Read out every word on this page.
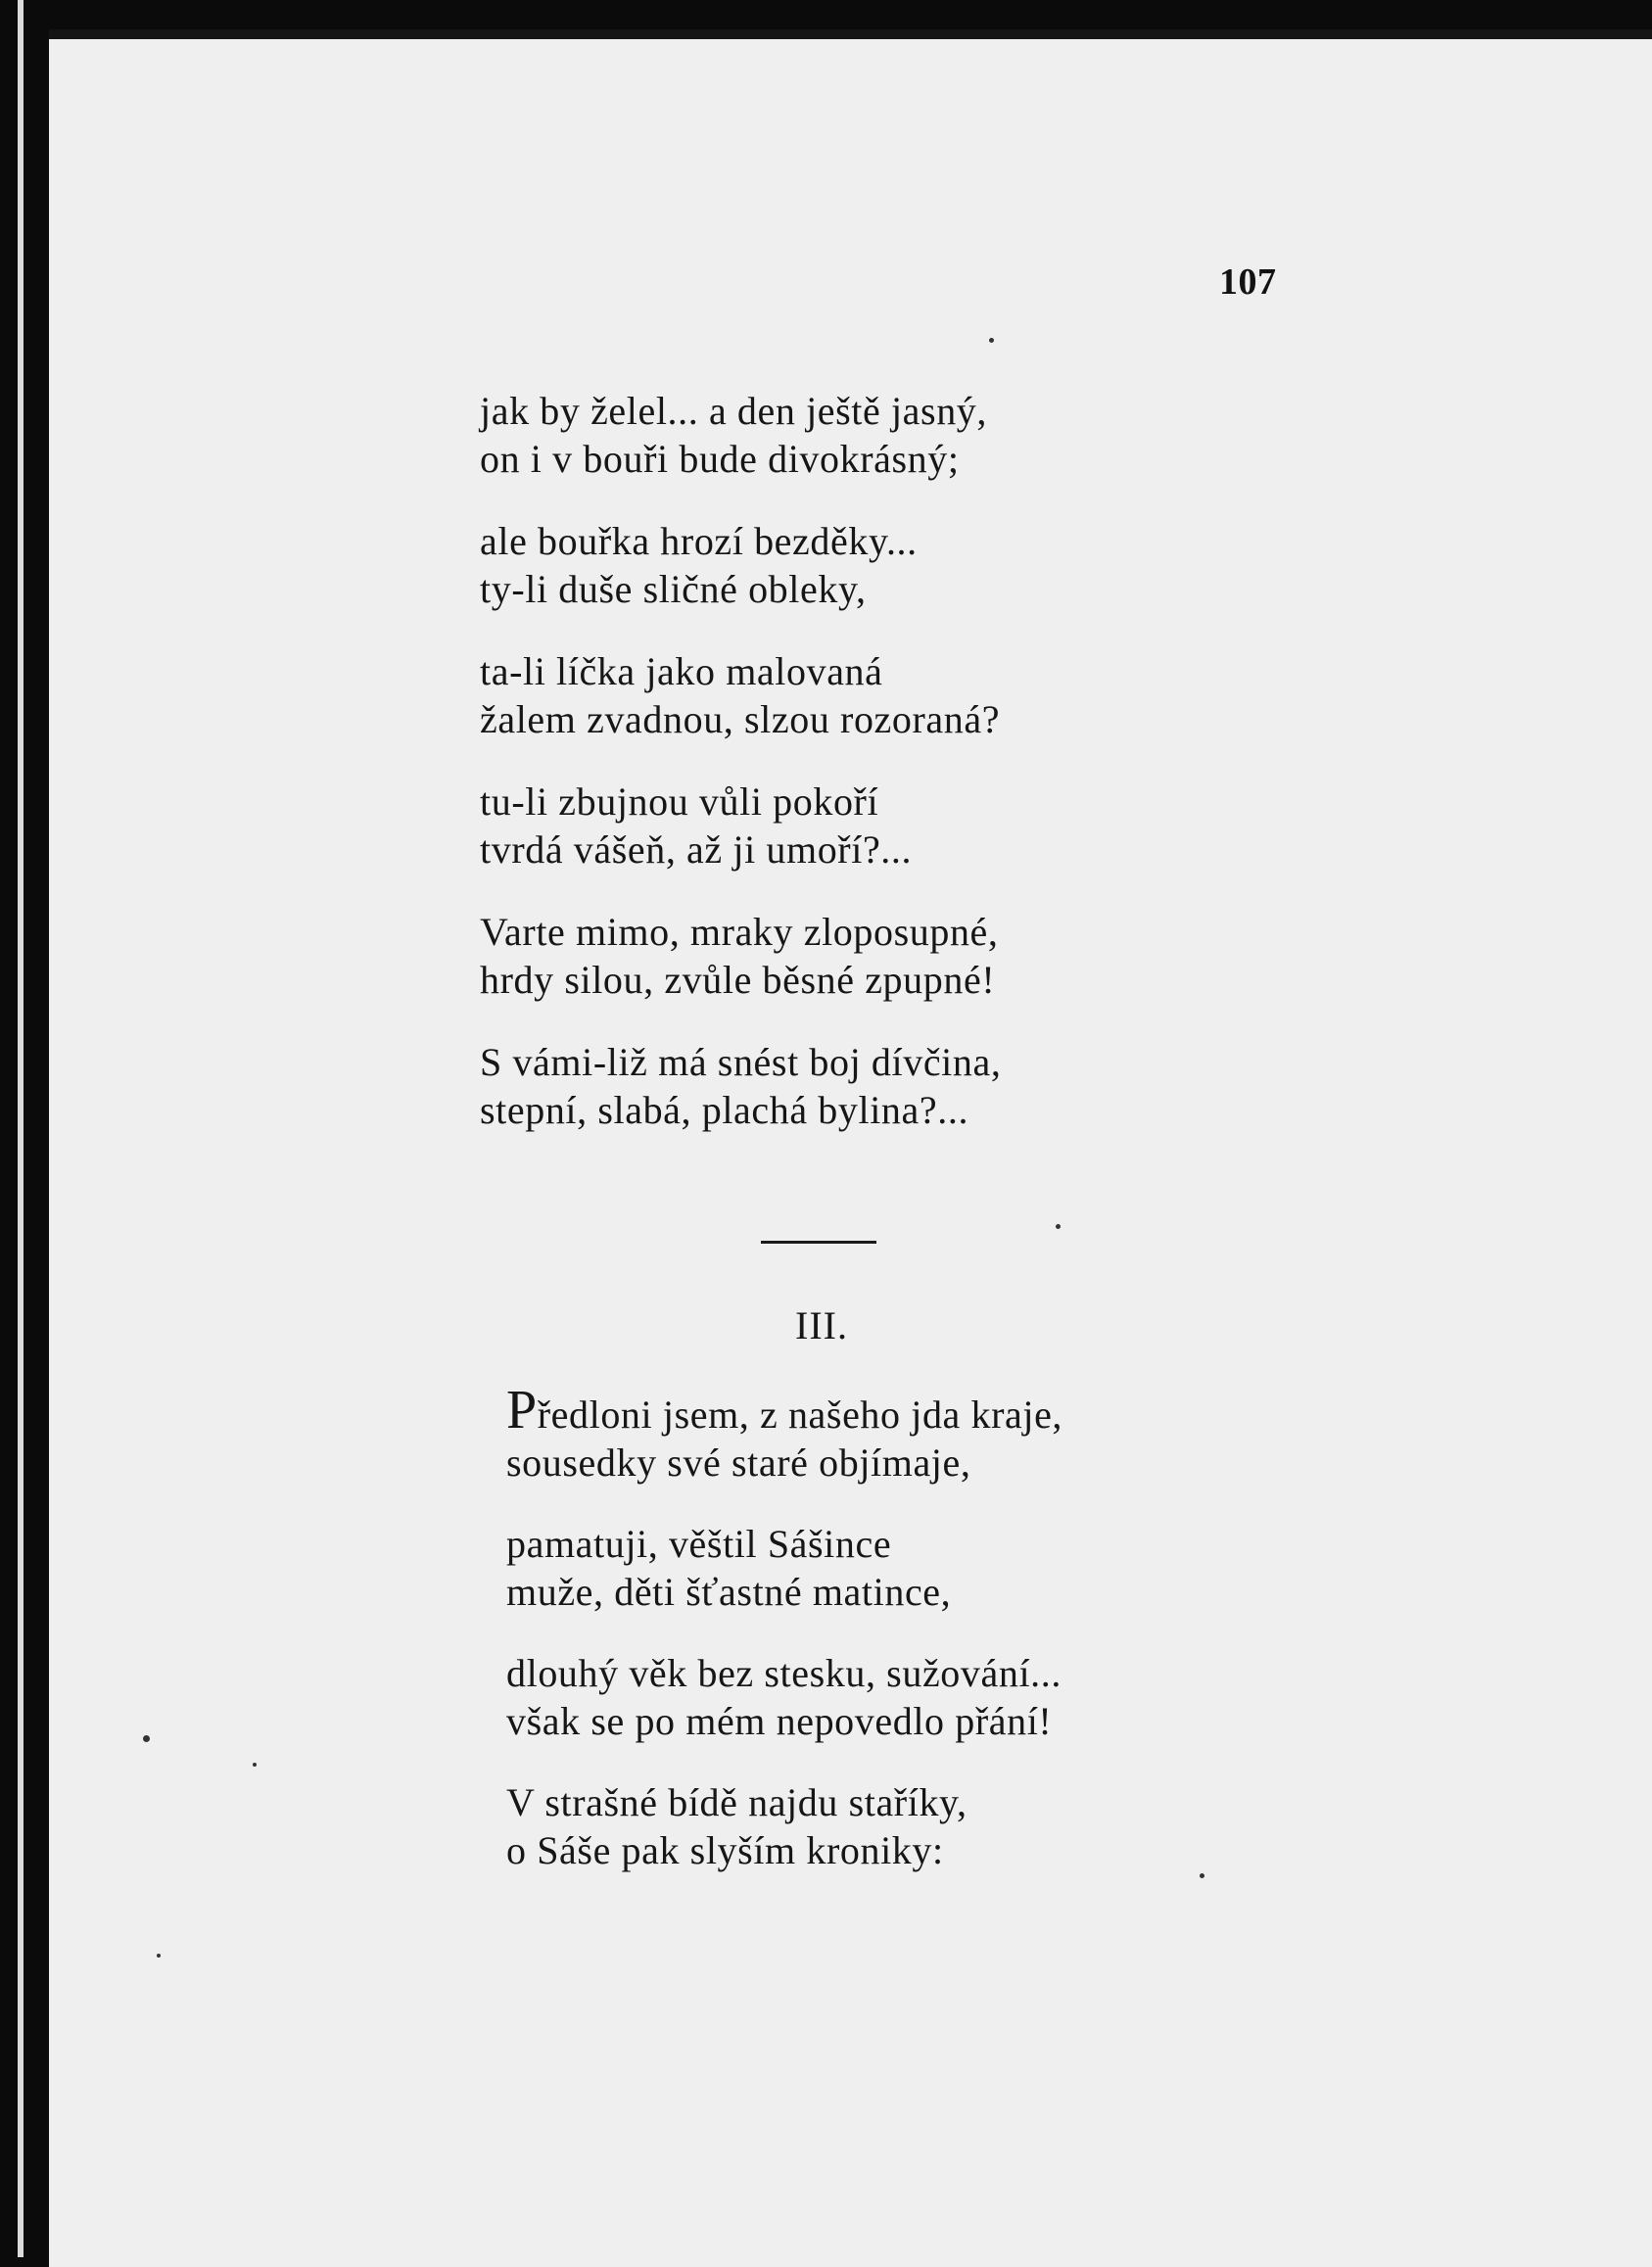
107

jak by želel... a den ještě jasný,
on i v bouři bude divokrásný;

ale bouřka hrozí bezděky...
ty-li duše sličné obleky,

ta-li líčka jako malovaná
žalem zvadnou, slzou rozoraná?

tu-li zbujnou vůli pokoří
tvrdá vášeň, až ji umoří?...

Varte mimo, mraky zloposupné,
hrdy silou, zvůle běsné zpupné!

S vámi-liž má snést boj dívčina,
stepní, slabá, plachá bylina?...

III.

Předloni jsem, z našeho jda kraje,
sousedky své staré objímaje,

pamatuji, věštil Sášince
muže, děti šťastné matince,

dlouhý věk bez stesku, sužování...
však se po mém nepovedlo přání!

V strašné bídě najdu staříky,
o Sáše pak slyším kroniky:
